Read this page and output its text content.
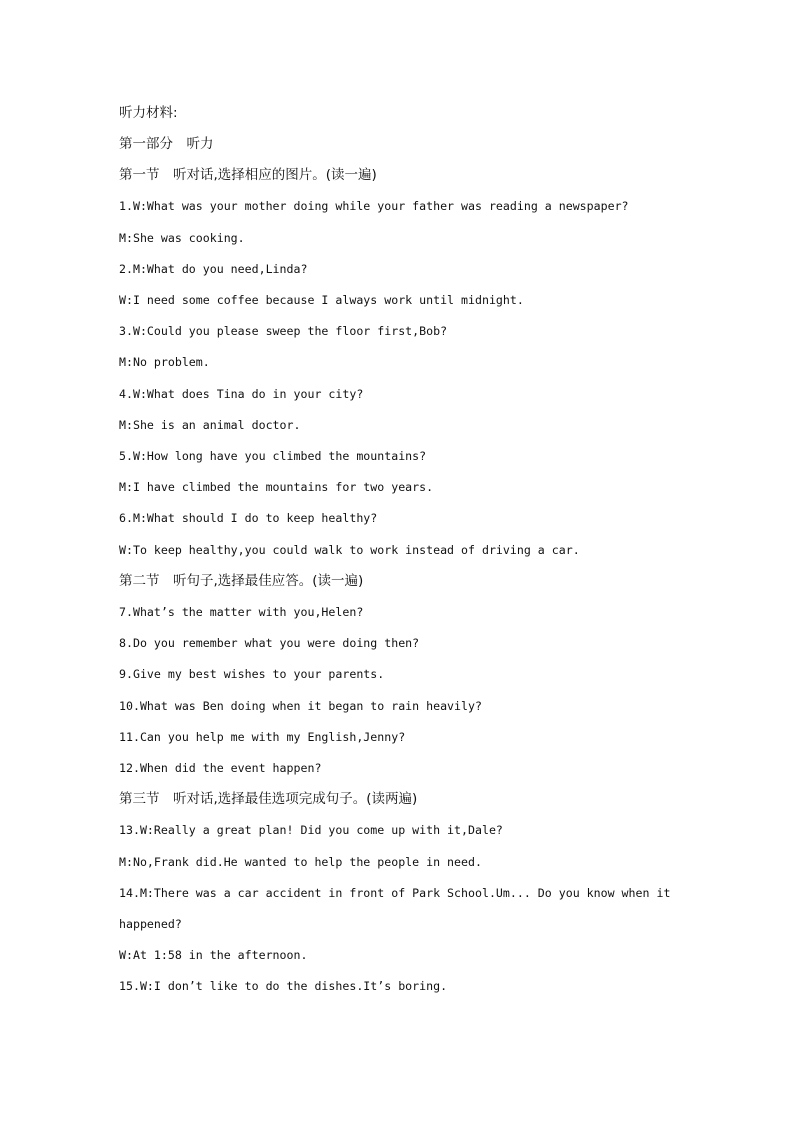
听力材料:
第一部分　听力
第一节　听对话,选择相应的图片。(读一遍)
1.W:What was your mother doing while your father was reading a newspaper?
M:She was cooking.
2.M:What do you need,Linda?
W:I need some coffee because I always work until midnight.
3.W:Could you please sweep the floor first,Bob?
M:No problem.
4.W:What does Tina do in your city?
M:She is an animal doctor.
5.W:How long have you climbed the mountains?
M:I have climbed the mountains for two years.
6.M:What should I do to keep healthy?
W:To keep healthy,you could walk to work instead of driving a car.
第二节　听句子,选择最佳应答。(读一遍)
7.What’s the matter with you,Helen?
8.Do you remember what you were doing then?
9.Give my best wishes to your parents.
10.What was Ben doing when it began to rain heavily?
11.Can you help me with my English,Jenny?
12.When did the event happen?
第三节　听对话,选择最佳选项完成句子。(读两遍)
13.W:Really a great plan! Did you come up with it,Dale?
M:No,Frank did.He wanted to help the people in need.
14.M:There was a car accident in front of Park School.Um... Do you know when it
happened?
W:At 1:58 in the afternoon.
15.W:I don’t like to do the dishes.It’s boring.
